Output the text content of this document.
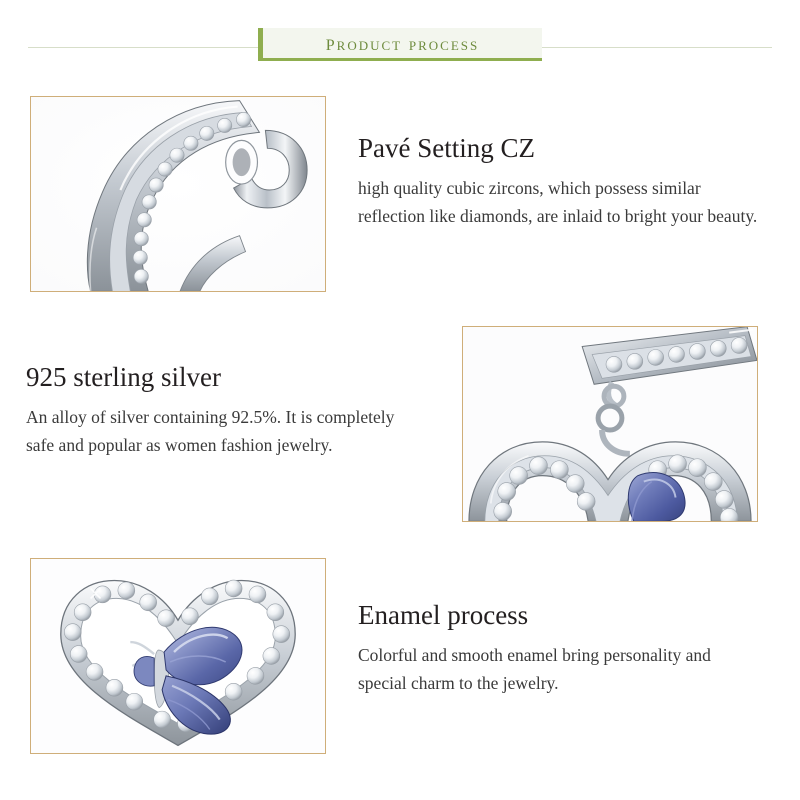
product process
Pavé Setting CZ

high quality cubic zircons, which possess similar reflection like diamonds, are inlaid to bright your beauty.

925 sterling silver

An alloy of silver containing 92.5%. It is completely safe and popular as women fashion jewelry.

Enamel process

Colorful and smooth enamel bring personality and special charm to the jewelry.
